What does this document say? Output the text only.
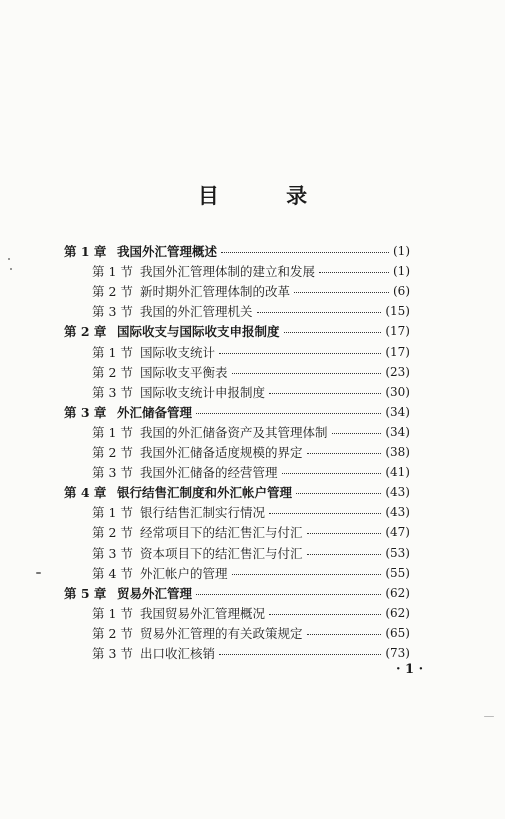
目 录
第 1 章 我国外汇管理概述	(1)
第 1 节 我国外汇管理体制的建立和发展	(1)
第 2 节 新时期外汇管理体制的改革	(6)
第 3 节 我国的外汇管理机关	(15)
第 2 章 国际收支与国际收支申报制度	(17)
第 1 节 国际收支统计	(17)
第 2 节 国际收支平衡表	(23)
第 3 节 国际收支统计申报制度	(30)
第 3 章 外汇储备管理	(34)
第 1 节 我国的外汇储备资产及其管理体制	(34)
第 2 节 我国外汇储备适度规模的界定	(38)
第 3 节 我国外汇储备的经营管理	(41)
第 4 章 银行结售汇制度和外汇帐户管理	(43)
第 1 节 银行结售汇制实行情况	(43)
第 2 节 经常项目下的结汇售汇与付汇	(47)
第 3 节 资本项目下的结汇售汇与付汇	(53)
第 4 节 外汇帐户的管理	(55)
第 5 章 贸易外汇管理	(62)
第 1 节 我国贸易外汇管理概况	(62)
第 2 节 贸易外汇管理的有关政策规定	(65)
第 3 节 出口收汇核销	(73)
· 1 ·
